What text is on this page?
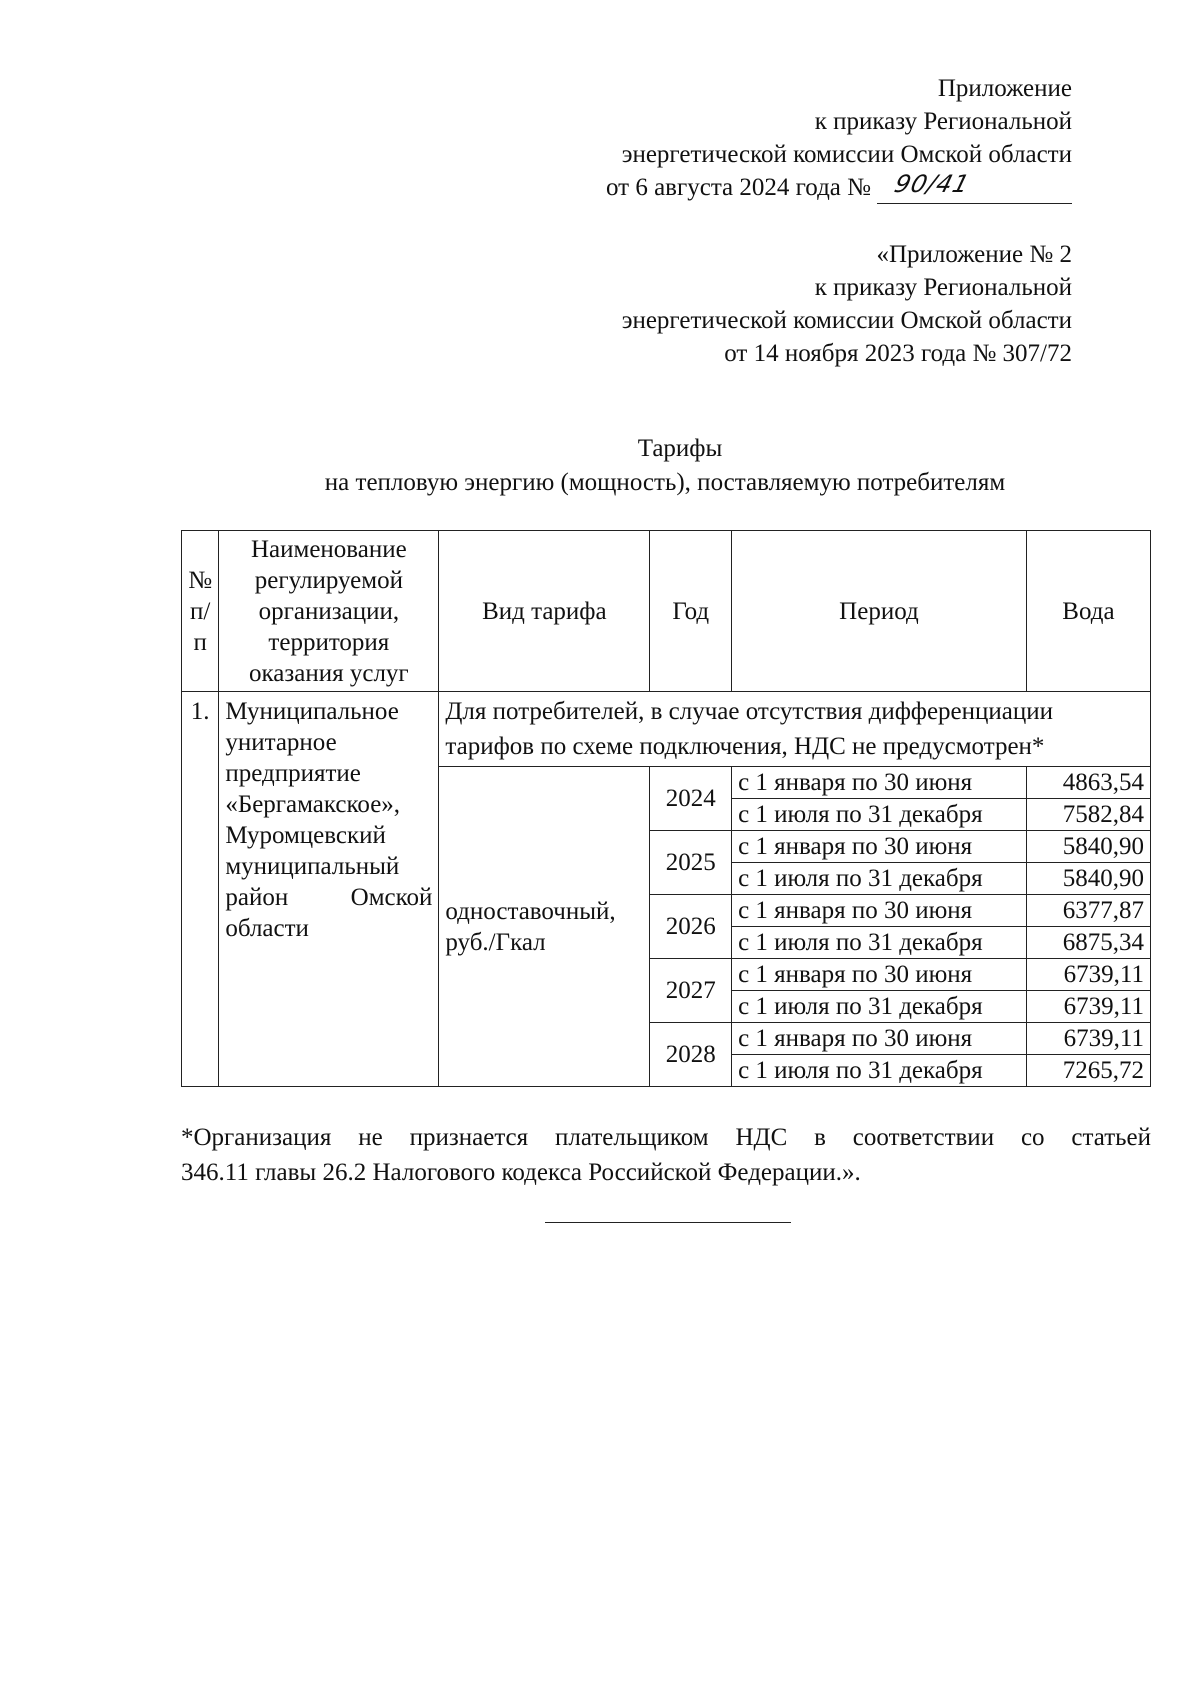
Приложение
к приказу Региональной
энергетической комиссии Омской области
от 6 августа 2024 года № 90/41
«Приложение № 2
к приказу Региональной
энергетической комиссии Омской области
от 14 ноября 2023 года № 307/72
Тарифы
на тепловую энергию (мощность), поставляемую потребителям
№ п/п	Наименование регулируемой организации, территория оказания услуг	Вид тарифа	Год	Период	Вода
1.	Муниципальное унитарное предприятие «Бергамакское», Муромцевский муниципальный район Омской области	Для потребителей, в случае отсутствия дифференциации тарифов по схеме подключения, НДС не предусмотрен*			
		одноставочный, руб./Гкал	2024	с 1 января по 30 июня	4863,54
				с 1 июля по 31 декабря	7582,84
			2025	с 1 января по 30 июня	5840,90
				с 1 июля по 31 декабря	5840,90
			2026	с 1 января по 30 июня	6377,87
				с 1 июля по 31 декабря	6875,34
			2027	с 1 января по 30 июня	6739,11
				с 1 июля по 31 декабря	6739,11
			2028	с 1 января по 30 июня	6739,11
				с 1 июля по 31 декабря	7265,72
*Организация не признается плательщиком НДС в соответствии со статьей
346.11 главы 26.2 Налогового кодекса Российской Федерации.».
